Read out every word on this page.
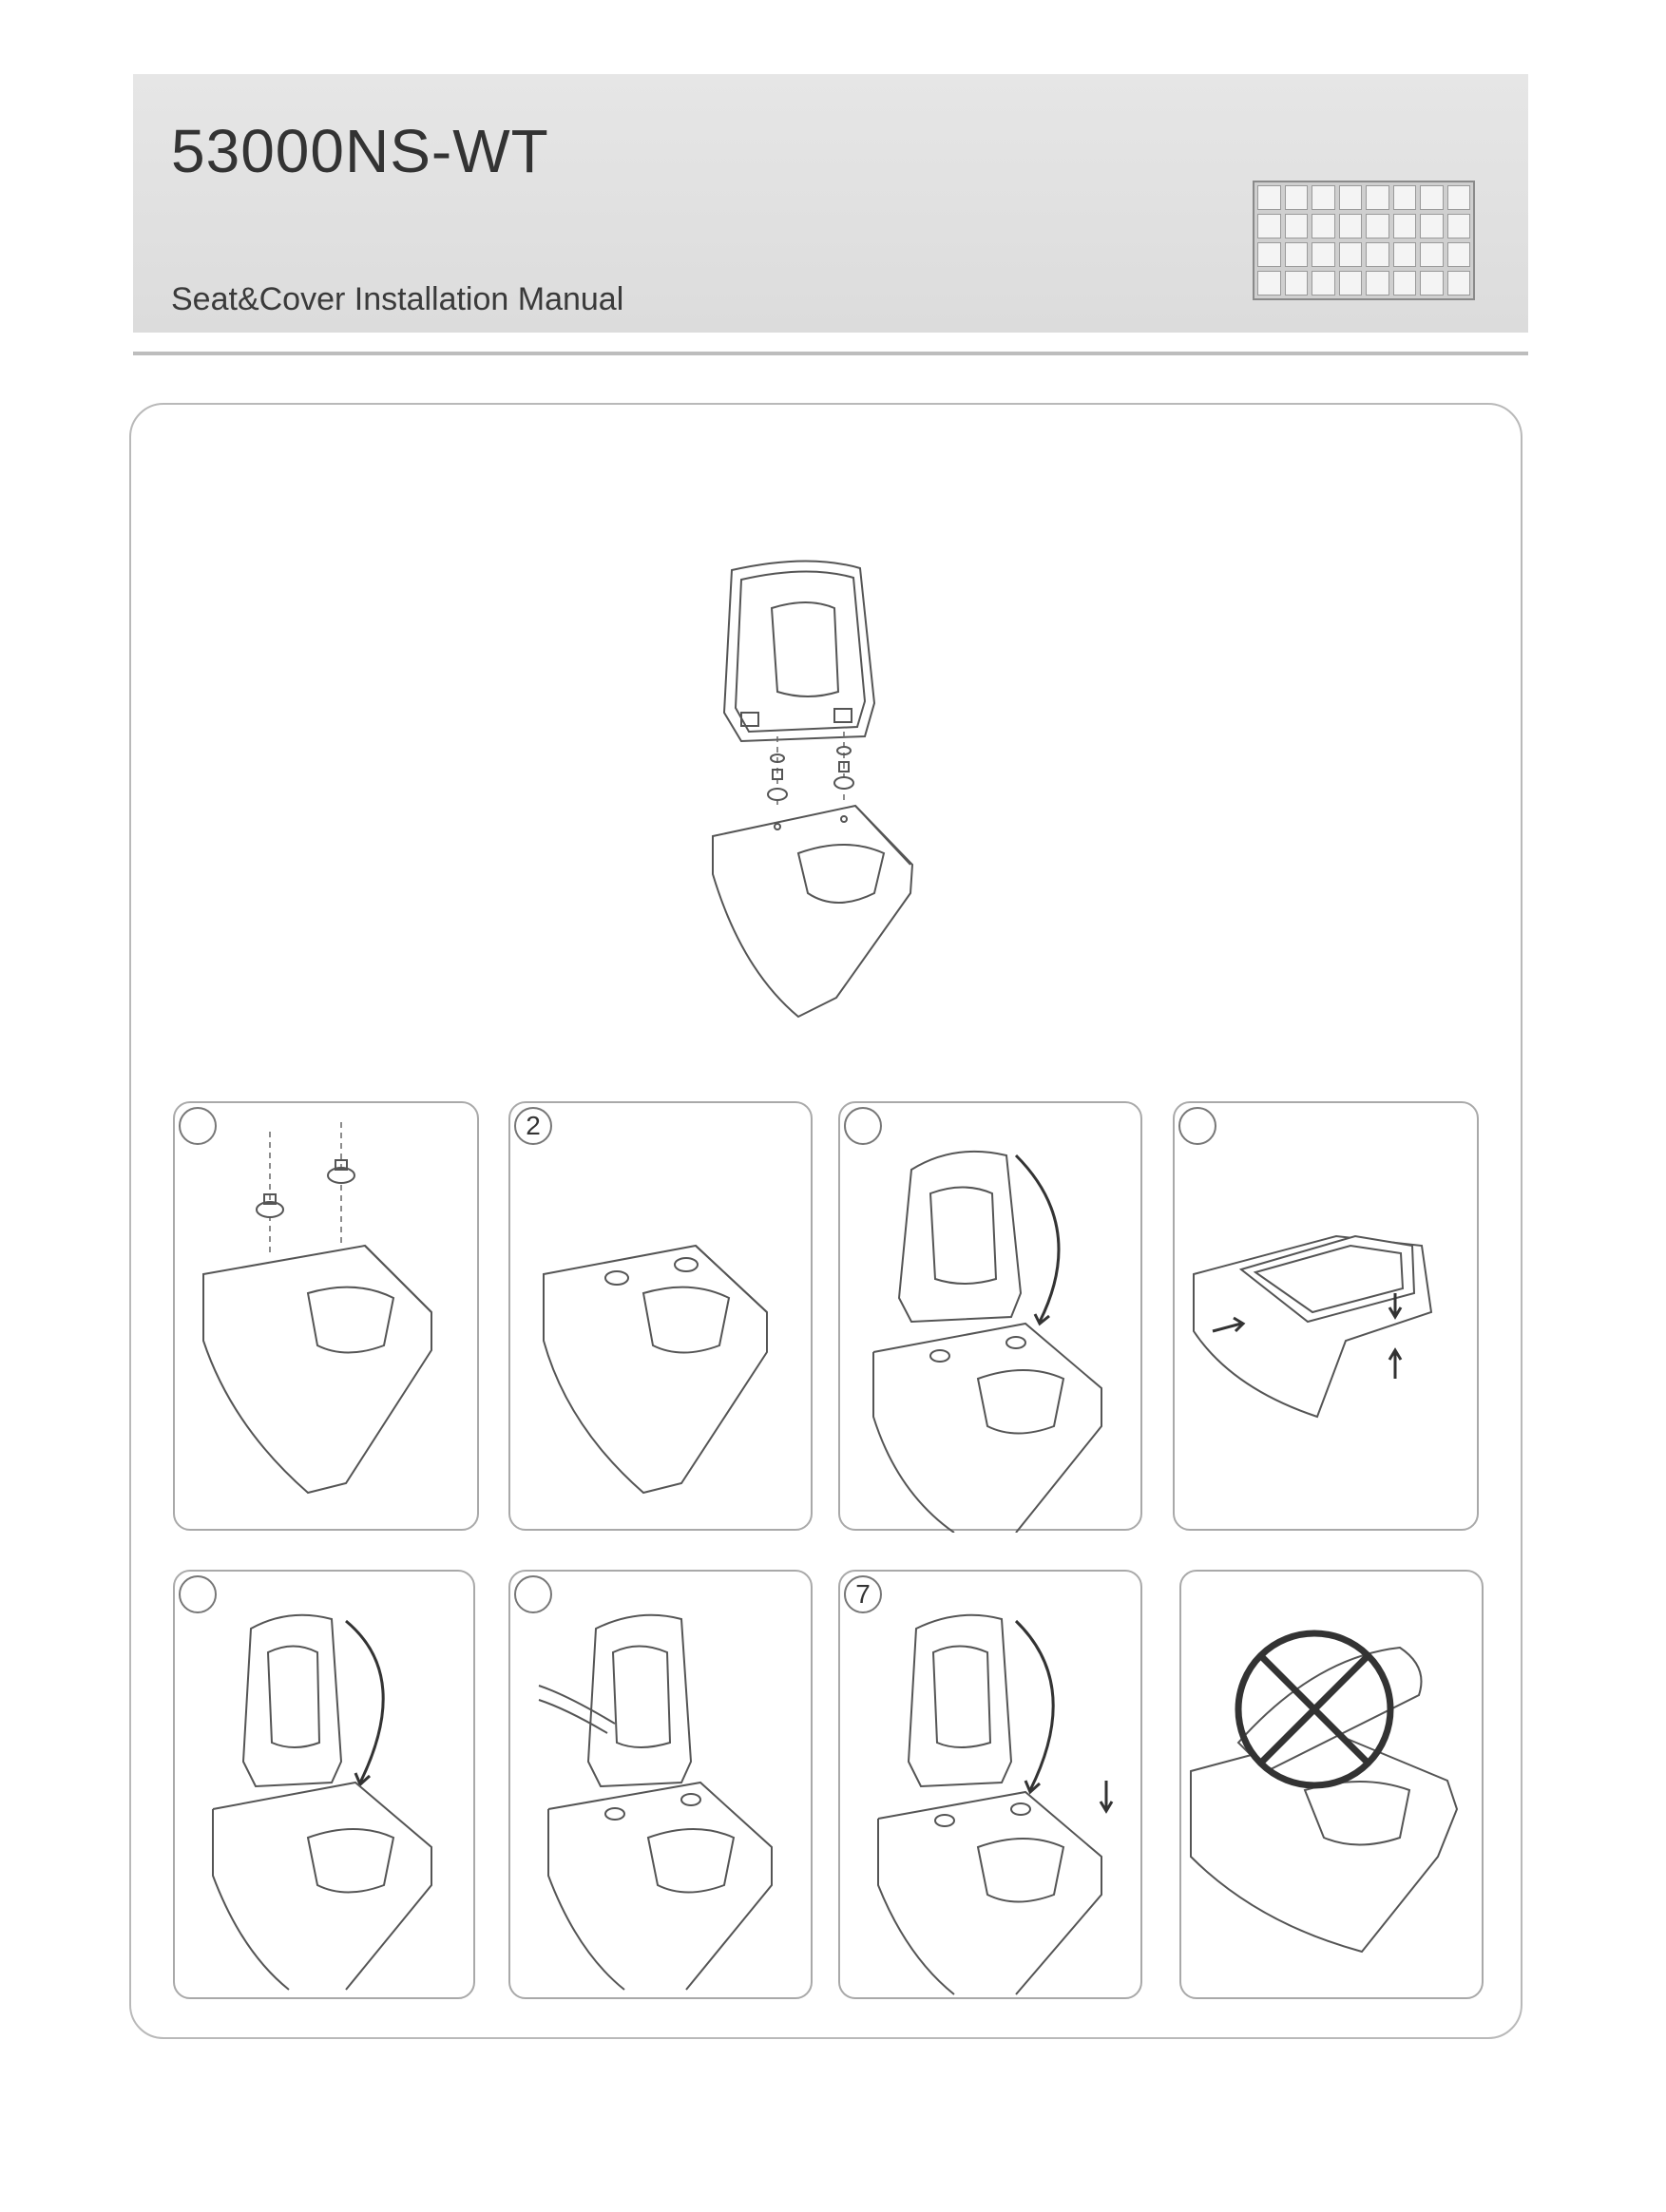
53000NS-WT
Seat&Cover Installation Manual
2
7
